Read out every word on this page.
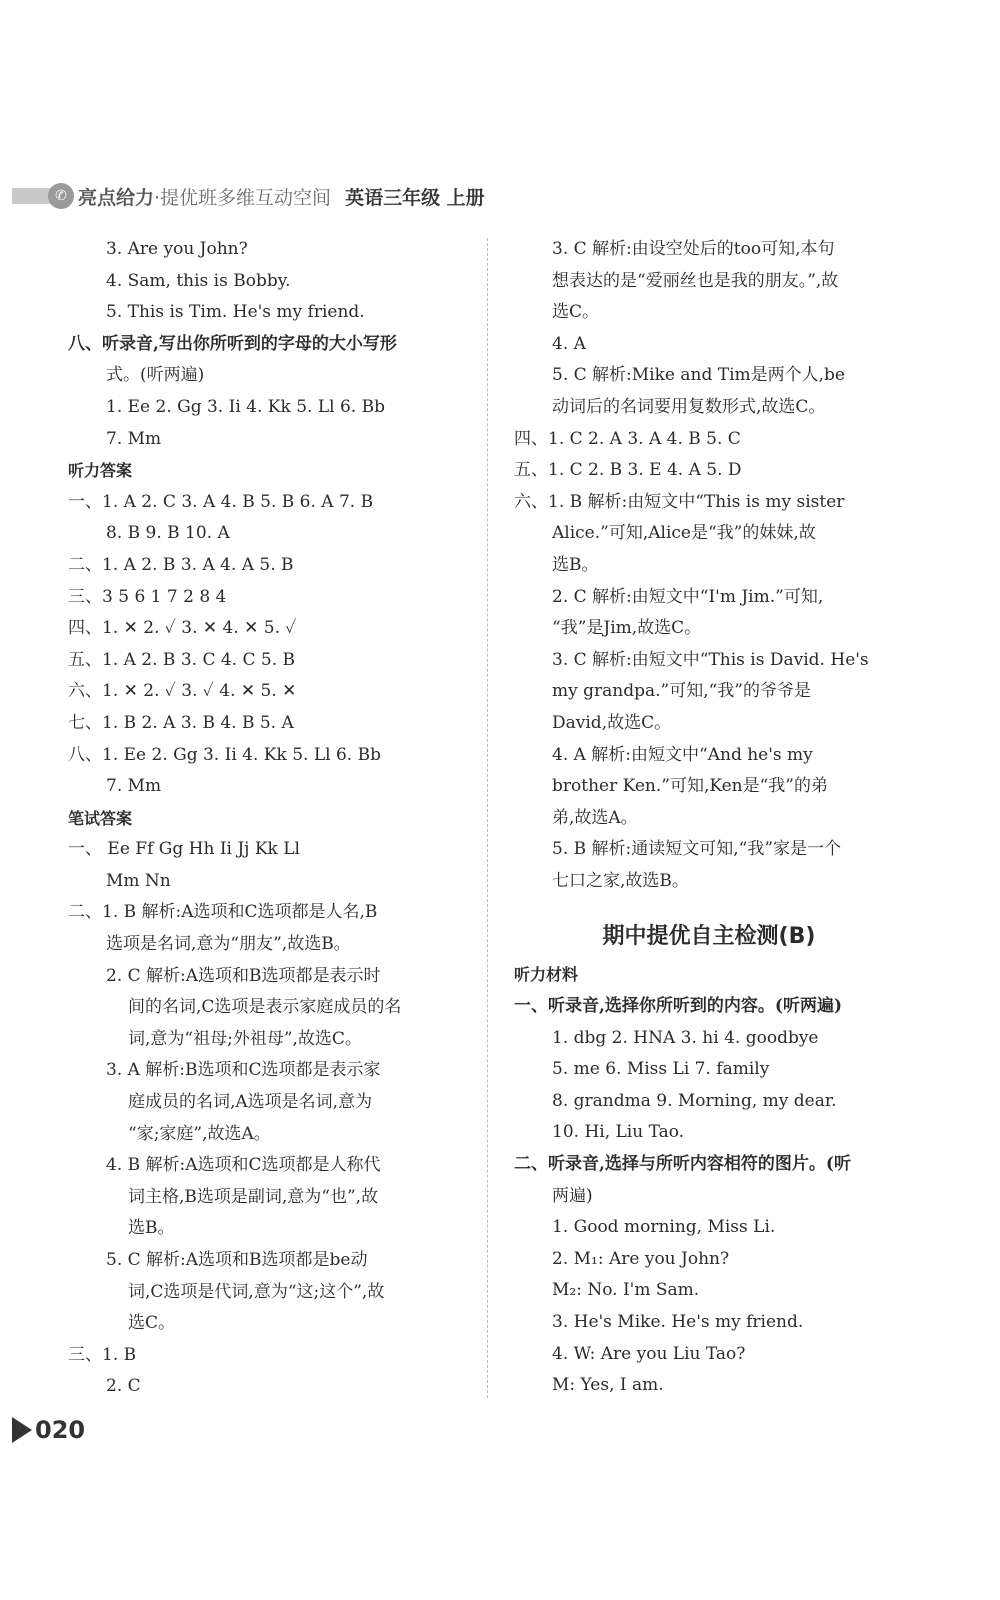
✆ 亮点给力 ·提优班多维互动空间 英语三年级 上册
3. Are you John?
4. Sam, this is Bobby.
5. This is Tim. He's my friend.
八、听录音,写出你所听到的字母的大小写形
式。(听两遍)
1. Ee 2. Gg 3. Ii 4. Kk 5. Ll 6. Bb
7. Mm
听力答案
一、1. A 2. C 3. A 4. B 5. B 6. A 7. B
8. B 9. B 10. A
二、1. A 2. B 3. A 4. A 5. B
三、3 5 6 1 7 2 8 4
四、1. ✕ 2. ✓ 3. ✕ 4. ✕ 5. ✓
五、1. A 2. B 3. C 4. C 5. B
六、1. ✕ 2. ✓ 3. ✓ 4. ✕ 5. ✕
七、1. B 2. A 3. B 4. B 5. A
八、1. Ee 2. Gg 3. Ii 4. Kk 5. Ll 6. Bb
7. Mm
笔试答案
一、 Ee Ff Gg Hh Ii Jj Kk Ll
Mm Nn
二、1. B 解析:A选项和C选项都是人名,B
选项是名词,意为“朋友”,故选B。
2. C 解析:A选项和B选项都是表示时
间的名词,C选项是表示家庭成员的名
词,意为“祖母;外祖母”,故选C。
3. A 解析:B选项和C选项都是表示家
庭成员的名词,A选项是名词,意为
“家;家庭”,故选A。
4. B 解析:A选项和C选项都是人称代
词主格,B选项是副词,意为“也”,故
选B。
5. C 解析:A选项和B选项都是be动
词,C选项是代词,意为“这;这个”,故
选C。
三、1. B
2. C
3. C 解析:由设空处后的too可知,本句
想表达的是“爱丽丝也是我的朋友。”,故
选C。
4. A
5. C 解析:Mike and Tim是两个人,be
动词后的名词要用复数形式,故选C。
四、1. C 2. A 3. A 4. B 5. C
五、1. C 2. B 3. E 4. A 5. D
六、1. B 解析:由短文中“This is my sister
Alice.”可知,Alice是“我”的妹妹,故
选B。
2. C 解析:由短文中“I'm Jim.”可知,
“我”是Jim,故选C。
3. C 解析:由短文中“This is David. He's
my grandpa.”可知,“我”的爷爷是
David,故选C。
4. A 解析:由短文中“And he's my
brother Ken.”可知,Ken是“我”的弟
弟,故选A。
5. B 解析:通读短文可知,“我”家是一个
七口之家,故选B。
期中提优自主检测(B)
听力材料
一、听录音,选择你所听到的内容。(听两遍)
1. dbg 2. HNA 3. hi 4. goodbye
5. me 6. Miss Li 7. family
8. grandma 9. Morning, my dear.
10. Hi, Liu Tao.
二、听录音,选择与所听内容相符的图片。(听
两遍)
1. Good morning, Miss Li.
2. M₁: Are you John?
M₂: No. I'm Sam.
3. He's Mike. He's my friend.
4. W: Are you Liu Tao?
M: Yes, I am.
020
